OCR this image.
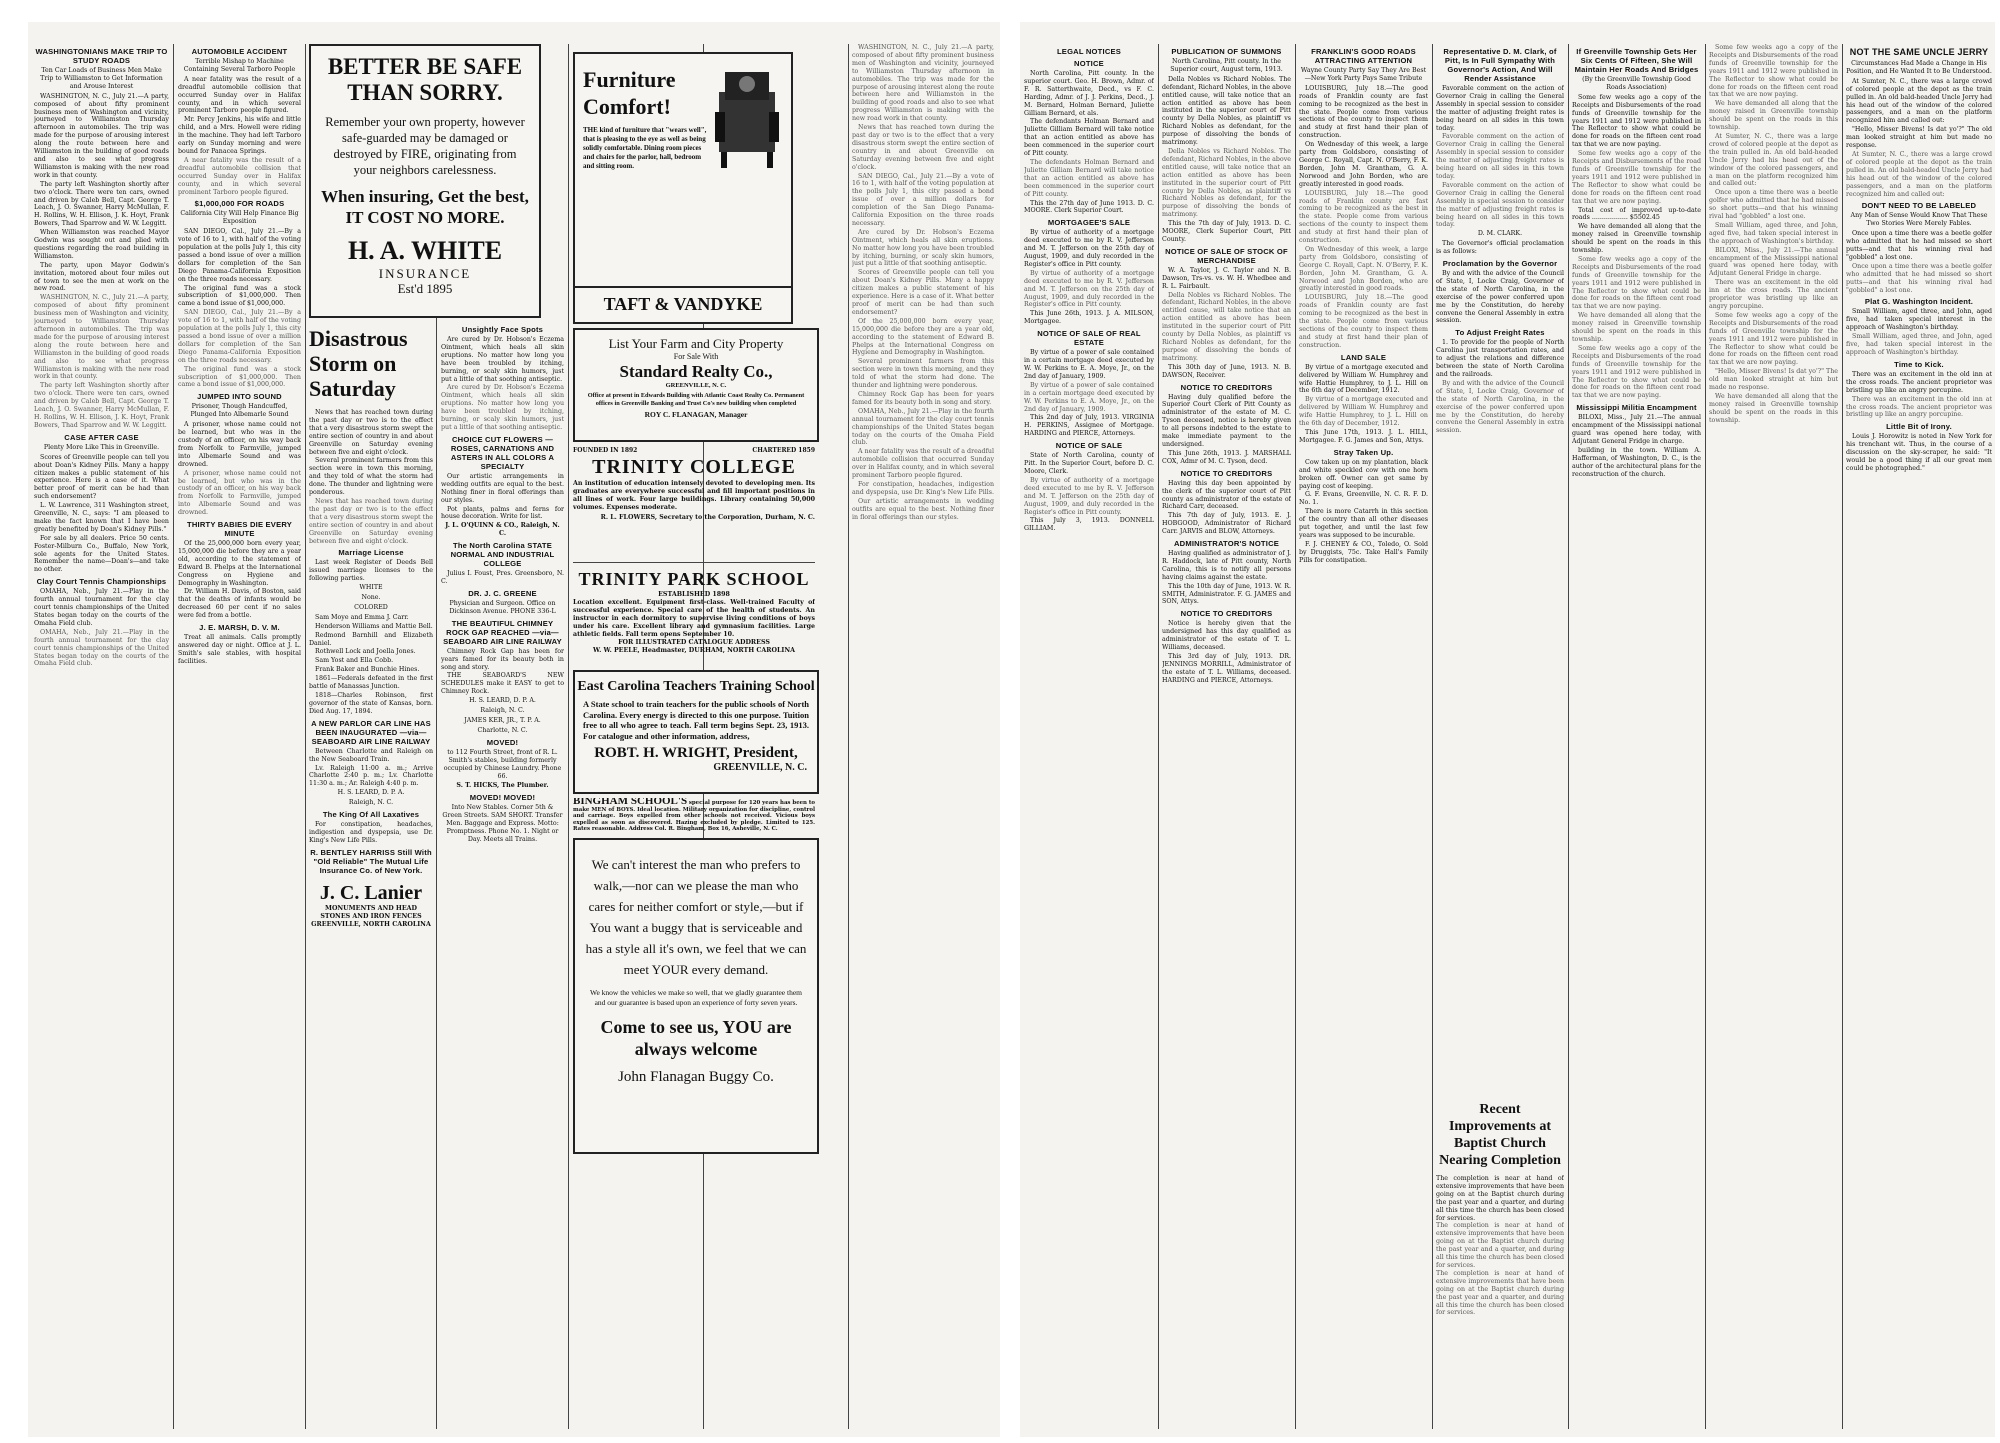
WASHINGTONIANS MAKE TRIP TO STUDY ROADS

Ten Car Loads of Business Men Make Trip to Williamston to Get Information and Arouse Interest

WASHINGTON, N. C., July 21.—A party, composed of about fifty prominent business men of Washington and vicinity, journeyed to Williamston Thursday afternoon in automobiles. The trip was made for the purpose of arousing interest along the route between here and Williamston in the building of good roads and also to see what progress Williamston is making with the new road work in that county.

The party left Washington shortly after two o'clock. There were ten cars, owned and driven by Caleb Bell, Capt. George T. Leach, J. O. Swanner, Harry McMullan, F. H. Rollins, W. H. Ellison, J. K. Hoyt, Frank Bowers, Thad Sparrow and W. W. Leggitt.

When Williamston was reached Mayor Godwin was sought out and plied with questions regarding the road building in Williamston.

The party, upon Mayor Godwin's invitation, motored about four miles out of town to see the men at work on the new road.

WASHINGTON, N. C., July 21.—A party, composed of about fifty prominent business men of Washington and vicinity, journeyed to Williamston Thursday afternoon in automobiles. The trip was made for the purpose of arousing interest along the route between here and Williamston in the building of good roads and also to see what progress Williamston is making with the new road work in that county.

The party left Washington shortly after two o'clock. There were ten cars, owned and driven by Caleb Bell, Capt. George T. Leach, J. O. Swanner, Harry McMullan, F. H. Rollins, W. H. Ellison, J. K. Hoyt, Frank Bowers, Thad Sparrow and W. W. Leggitt.

CASE AFTER CASE

Plenty More Like This in Greenville.

Scores of Greenville people can tell you about Doan's Kidney Pills. Many a happy citizen makes a public statement of his experience. Here is a case of it. What better proof of merit can be had than such endorsement?

L. W. Lawrence, 311 Washington street, Greenville, N. C., says: "I am pleased to make the fact known that I have been greatly benefited by Doan's Kidney Pills."

For sale by all dealers. Price 50 cents. Foster-Milburn Co., Buffalo, New York, sole agents for the United States. Remember the name—Doan's—and take no other.

Clay Court Tennis Championships

OMAHA, Neb., July 21.—Play in the fourth annual tournament for the clay court tennis championships of the United States began today on the courts of the Omaha Field club.

OMAHA, Neb., July 21.—Play in the fourth annual tournament for the clay court tennis championships of the United States began today on the courts of the Omaha Field club.

AUTOMOBILE ACCIDENT

Terrible Mishap to Machine Containing Several Tarboro People

A near fatality was the result of a dreadful automobile collision that occurred Sunday over in Halifax county, and in which several prominent Tarboro people figured.

Mr. Percy Jenkins, his wife and little child, and a Mrs. Howell were riding in the machine. They had left Tarboro early on Sunday morning and were bound for Panacea Springs.

A near fatality was the result of a dreadful automobile collision that occurred Sunday over in Halifax county, and in which several prominent Tarboro people figured.

$1,000,000 FOR ROADS

California City Will Help Finance Big Exposition

SAN DIEGO, Cal., July 21.—By a vote of 16 to 1, with half of the voting population at the polls July 1, this city passed a bond issue of over a million dollars for completion of the San Diego Panama-California Exposition on the three roads necessary.

The original fund was a stock subscription of $1,000,000. Then came a bond issue of $1,000,000.

SAN DIEGO, Cal., July 21.—By a vote of 16 to 1, with half of the voting population at the polls July 1, this city passed a bond issue of over a million dollars for completion of the San Diego Panama-California Exposition on the three roads necessary.

The original fund was a stock subscription of $1,000,000. Then came a bond issue of $1,000,000.

JUMPED INTO SOUND

Prisoner, Though Handcuffed, Plunged Into Albemarle Sound

A prisoner, whose name could not be learned, but who was in the custody of an officer, on his way back from Norfolk to Farmville, jumped into Albemarle Sound and was drowned.

A prisoner, whose name could not be learned, but who was in the custody of an officer, on his way back from Norfolk to Farmville, jumped into Albemarle Sound and was drowned.

THIRTY BABIES DIE EVERY MINUTE

Of the 25,000,000 born every year, 15,000,000 die before they are a year old, according to the statement of Edward B. Phelps at the International Congress on Hygiene and Demography in Washington.

Dr. William H. Davis, of Boston, said that the deaths of infants would be decreased 60 per cent if no sales were fed from a bottle.

J. E. MARSH, D. V. M.

Treat all animals. Calls promptly answered day or night. Office at J. L. Smith's sale stables, with hospital facilities.

BETTER BE SAFE THAN SORRY.
Remember your own property, however safe-guarded may be damaged or destroyed by FIRE, originating from your neighbors carelessness.
When insuring, Get the best, IT COST NO MORE.
H. A. WHITE
INSURANCE
Est'd 1895
Disastrous Storm on Saturday

News that has reached town during the past day or two is to the effect that a very disastrous storm swept the entire section of country in and about Greenville on Saturday evening between five and eight o'clock.

Several prominent farmers from this section were in town this morning, and they told of what the storm had done. The thunder and lightning were ponderous.

News that has reached town during the past day or two is to the effect that a very disastrous storm swept the entire section of country in and about Greenville on Saturday evening between five and eight o'clock.

Marriage License

Last week Register of Deeds Bell issued marriage licenses to the following parties.

WHITE

None.

COLORED

Sam Moye and Emma J. Carr.

Henderson Williams and Mattie Bell.

Redmond Barnhill and Elizabeth Daniel.

Rothwell Lock and Joella Jones.

Sam Yost and Ella Cobb.

Frank Baker and Bunchie Hines.

1861—Federals defeated in the first battle of Manassas Junction.

1818—Charles Robinson, first governor of the state of Kansas, born. Died Aug. 17, 1894.

A NEW PARLOR CAR LINE HAS BEEN INAUGURATED —via— SEABOARD AIR LINE RAILWAY

Between Charlotte and Raleigh on the New Seaboard Train.

Lv. Raleigh 11:00 a. m.; Arrive Charlotte 2:40 p. m.; Lv. Charlotte 11:30 a. m.; Ar. Raleigh 4:40 p. m.

H. S. LEARD, D. P. A.

Raleigh, N. C.

The King Of All Laxatives

For constipation, headaches, indigestion and dyspepsia, use Dr. King's New Life Pills.

R. BENTLEY HARRISS Still With "Old Reliable" The Mutual Life Insurance Co. of New York.

J. C. Lanier

MONUMENTS AND HEAD STONES AND IRON FENCES GREENVILLE, NORTH CAROLINA

Unsightly Face Spots

Are cured by Dr. Hobson's Eczema Ointment, which heals all skin eruptions. No matter how long you have been troubled by itching, burning, or scaly skin humors, just put a little of that soothing antiseptic.

Are cured by Dr. Hobson's Eczema Ointment, which heals all skin eruptions. No matter how long you have been troubled by itching, burning, or scaly skin humors, just put a little of that soothing antiseptic.

CHOICE CUT FLOWERS — ROSES, CARNATIONS AND ASTERS IN ALL COLORS A SPECIALTY

Our artistic arrangements in wedding outfits are equal to the best. Nothing finer in floral offerings than our styles.

Pot plants, palms and ferns for house decoration. Write for list.

J. L. O'QUINN & CO., Raleigh, N. C.

The North Carolina STATE NORMAL AND INDUSTRIAL COLLEGE

Julius I. Foust, Pres. Greensboro, N. C.

DR. J. C. GREENE

Physician and Surgeon. Office on Dickinson Avenue. PHONE 336-L

THE BEAUTIFUL CHIMNEY ROCK GAP REACHED —via— SEABOARD AIR LINE RAILWAY

Chimney Rock Gap has been for years famed for its beauty both in song and story.

THE SEABOARD'S NEW SCHEDULES make it EASY to get to Chimney Rock.

H. S. LEARD, D. P. A.

Raleigh, N. C.

JAMES KER, JR., T. P. A.

Charlotte, N. C.

MOVED!

to 112 Fourth Street, front of R. L. Smith's stables, building formerly occupied by Chinese Laundry. Phone 66.

S. T. HICKS, The Plumber.

MOVED! MOVED!

Into New Stables. Corner 5th & Green Streets. SAM SHORT. Transfer Men. Baggage and Express. Motto: Promptness. Phone No. 1. Night or Day. Meets all Trains.

Furniture Comfort!
THE kind of furniture that "wears well", that is pleasing to the eye as well as being solidly comfortable. Dining room pieces and chairs for the parlor, hall, bedroom and sitting room.
TAFT & VANDYKE
List Your Farm and City Property
For Sale With
Standard Realty Co.,
GREENVILLE, N. C.
Office at present in Edwards Building with Atlantic Coast Realty Co. Permanent offices in Greenville Banking and Trust Co's new building when completed
ROY C. FLANAGAN, Manager
FOUNDED IN 1892	CHARTERED 1859
TRINITY COLLEGE
An institution of education intensely devoted to developing men. Its graduates are everywhere successful and fill important positions in all lines of work. Four large buildings. Library containing 50,000 volumes. Expenses moderate.
R. L. FLOWERS, Secretary to the Corporation, Durham, N. C.
TRINITY PARK SCHOOL
ESTABLISHED 1898
Location excellent. Equipment first-class. Well-trained Faculty of successful experience. Special care of the health of students. An instructor in each dormitory to supervise living conditions of boys under his care. Excellent library and gymnasium facilities. Large athletic fields. Fall term opens September 10.
FOR ILLUSTRATED CATALOGUE ADDRESS
W. W. PEELE, Headmaster, DURHAM, NORTH CAROLINA
East Carolina Teachers Training School
A State school to train teachers for the public schools of North Carolina. Every energy is directed to this one purpose. Tuition free to all who agree to teach. Fall term begins Sept. 23, 1913. For catalogue and other information, address,
ROBT. H. WRIGHT, President,
GREENVILLE, N. C.
BINGHAM SCHOOL'S special purpose for 120 years has been to make MEN of BOYS. Ideal location. Military organization for discipline, control and carriage. Boys expelled from other schools not received. Vicious boys expelled as soon as discovered. Hazing excluded by pledge. Limited to 125. Rates reasonable. Address Col. R. Bingham, Box 16, Asheville, N. C.
We can't interest the man who prefers to walk,—nor can we please the man who cares for neither comfort or style,—but if You want a buggy that is serviceable and has a style all it's own, we feel that we can meet YOUR every demand.
We know the vehicles we make so well, that we gladly guarantee them and our guarantee is based upon an experience of forty seven years.
Come to see us, YOU are always welcome
John Flanagan Buggy Co.

WASHINGTON, N. C., July 21.—A party, composed of about fifty prominent business men of Washington and vicinity, journeyed to Williamston Thursday afternoon in automobiles. The trip was made for the purpose of arousing interest along the route between here and Williamston in the building of good roads and also to see what progress Williamston is making with the new road work in that county.

News that has reached town during the past day or two is to the effect that a very disastrous storm swept the entire section of country in and about Greenville on Saturday evening between five and eight o'clock.

SAN DIEGO, Cal., July 21.—By a vote of 16 to 1, with half of the voting population at the polls July 1, this city passed a bond issue of over a million dollars for completion of the San Diego Panama-California Exposition on the three roads necessary.

Are cured by Dr. Hobson's Eczema Ointment, which heals all skin eruptions. No matter how long you have been troubled by itching, burning, or scaly skin humors, just put a little of that soothing antiseptic.

Scores of Greenville people can tell you about Doan's Kidney Pills. Many a happy citizen makes a public statement of his experience. Here is a case of it. What better proof of merit can be had than such endorsement?

Of the 25,000,000 born every year, 15,000,000 die before they are a year old, according to the statement of Edward B. Phelps at the International Congress on Hygiene and Demography in Washington.

Several prominent farmers from this section were in town this morning, and they told of what the storm had done. The thunder and lightning were ponderous.

Chimney Rock Gap has been for years famed for its beauty both in song and story.

OMAHA, Neb., July 21.—Play in the fourth annual tournament for the clay court tennis championships of the United States began today on the courts of the Omaha Field club.

A near fatality was the result of a dreadful automobile collision that occurred Sunday over in Halifax county, and in which several prominent Tarboro people figured.

For constipation, headaches, indigestion and dyspepsia, use Dr. King's New Life Pills.

Our artistic arrangements in wedding outfits are equal to the best. Nothing finer in floral offerings than our styles.

LEGAL NOTICES

NOTICE

North Carolina, Pitt county. In the superior court. Geo. H. Brown, Admr. of F. R. Satterthwaite, Decd., vs F. C. Harding, Admr. of J. J. Perkins, Decd., J. M. Bernard, Holman Bernard, Juliette Gilliam Bernard, et als.

The defendants Holman Bernard and Juliette Gilliam Bernard will take notice that an action entitled as above has been commenced in the superior court of Pitt county.

The defendants Holman Bernard and Juliette Gilliam Bernard will take notice that an action entitled as above has been commenced in the superior court of Pitt county.

This the 27th day of June 1913. D. C. MOORE. Clerk Superior Court.

MORTGAGEE'S SALE

By virtue of authority of a mortgage deed executed to me by R. V. Jefferson and M. T. Jefferson on the 25th day of August, 1909, and duly recorded in the Register's office in Pitt county.

By virtue of authority of a mortgage deed executed to me by R. V. Jefferson and M. T. Jefferson on the 25th day of August, 1909, and duly recorded in the Register's office in Pitt county.

This June 26th, 1913. J. A. MILSON, Mortgagee.

NOTICE OF SALE OF REAL ESTATE

By virtue of a power of sale contained in a certain mortgage deed executed by W. W. Perkins to E. A. Moye, Jr., on the 2nd day of January, 1909.

By virtue of a power of sale contained in a certain mortgage deed executed by W. W. Perkins to E. A. Moye, Jr., on the 2nd day of January, 1909.

This 2nd day of July, 1913. VIRGINIA H. PERKINS, Assignee of Mortgage. HARDING and PIERCE, Attorneys.

NOTICE OF SALE

State of North Carolina, county of Pitt. In the Superior Court, before D. C. Moore, Clerk.

By virtue of authority of a mortgage deed executed to me by R. V. Jefferson and M. T. Jefferson on the 25th day of August, 1909, and duly recorded in the Register's office in Pitt county.

This July 3, 1913. DONNELL GILLIAM.

PUBLICATION OF SUMMONS

North Carolina, Pitt county. In the Superior court, August term, 1913.

Della Nobles vs Richard Nobles. The defendant, Richard Nobles, in the above entitled cause, will take notice that an action entitled as above has been instituted in the superior court of Pitt county by Della Nobles, as plaintiff vs Richard Nobles as defendant, for the purpose of dissolving the bonds of matrimony.

Della Nobles vs Richard Nobles. The defendant, Richard Nobles, in the above entitled cause, will take notice that an action entitled as above has been instituted in the superior court of Pitt county by Della Nobles, as plaintiff vs Richard Nobles as defendant, for the purpose of dissolving the bonds of matrimony.

This the 7th day of July, 1913. D. C. MOORE, Clerk Superior Court, Pitt County.

NOTICE OF SALE OF STOCK OF MERCHANDISE

W. A. Taylor, J. C. Taylor and N. B. Dawson, Trs-vs. vs. W. H. Whedbee and R. L. Fairbault.

Della Nobles vs Richard Nobles. The defendant, Richard Nobles, in the above entitled cause, will take notice that an action entitled as above has been instituted in the superior court of Pitt county by Della Nobles, as plaintiff vs Richard Nobles as defendant, for the purpose of dissolving the bonds of matrimony.

This 30th day of June, 1913. N. B. DAWSON, Receiver.

NOTICE TO CREDITORS

Having duly qualified before the Superior Court Clerk of Pitt County as administrator of the estate of M. C. Tyson deceased, notice is hereby given to all persons indebted to the estate to make immediate payment to the undersigned.

This June 26th, 1913. J. MARSHALL COX, Admr of M. C. Tyson, decd.

NOTICE TO CREDITORS

Having this day been appointed by the clerk of the superior court of Pitt county as administrator of the estate of Richard Carr, deceased.

This 7th day of July, 1913. E. J. HOBGOOD, Administrator of Richard Carr. JARVIS and BLOW, Attorneys.

ADMINISTRATOR'S NOTICE

Having qualified as administrator of J. R. Haddock, late of Pitt county, North Carolina, this is to notify all persons having claims against the estate.

This the 10th day of June, 1913. W. R. SMITH, Administrator. F. G. JAMES and SON, Attys.

NOTICE TO CREDITORS

Notice is hereby given that the undersigned has this day qualified as administrator of the estate of T. L. Williams, deceased.

This 3rd day of July, 1913. DR. JENNINGS MORRILL, Administrator of the estate of T. L. Williams, deceased. HARDING and PIERCE, Attorneys.

FRANKLIN'S GOOD ROADS ATTRACTING ATTENTION

Wayne County Party Say They Are Best—New York Party Pays Same Tribute

LOUISBURG, July 18.—The good roads of Franklin county are fast coming to be recognized as the best in the state. People come from various sections of the county to inspect them and study at first hand their plan of construction.

On Wednesday of this week, a large party from Goldsboro, consisting of George C. Royall, Capt. N. O'Berry, F. K. Borden, John M. Grantham, G. A. Norwood and John Borden, who are greatly interested in good roads.

LOUISBURG, July 18.—The good roads of Franklin county are fast coming to be recognized as the best in the state. People come from various sections of the county to inspect them and study at first hand their plan of construction.

On Wednesday of this week, a large party from Goldsboro, consisting of George C. Royall, Capt. N. O'Berry, F. K. Borden, John M. Grantham, G. A. Norwood and John Borden, who are greatly interested in good roads.

LOUISBURG, July 18.—The good roads of Franklin county are fast coming to be recognized as the best in the state. People come from various sections of the county to inspect them and study at first hand their plan of construction.

LAND SALE

By virtue of a mortgage executed and delivered by William W. Humphrey and wife Hattie Humphrey, to J. L. Hill on the 6th day of December, 1912.

By virtue of a mortgage executed and delivered by William W. Humphrey and wife Hattie Humphrey, to J. L. Hill on the 6th day of December, 1912.

This June 17th, 1913. J. L. HILL, Mortgagee. F. G. James and Son, Attys.

Stray Taken Up.

Cow taken up on my plantation, black and white speckled cow with one horn broken off. Owner can get same by paying cost of keeping.

G. F. Evans, Greenville, N. C. R. F. D. No. 1.

There is more Catarrh in this section of the country than all other diseases put together, and until the last few years was supposed to be incurable.

F. J. CHENEY & CO., Toledo, O. Sold by Druggists, 75c. Take Hall's Family Pills for constipation.

Representative D. M. Clark, of Pitt, Is In Full Sympathy With Governor's Action, And Will Render Assistance

Favorable comment on the action of Governor Craig in calling the General Assembly in special session to consider the matter of adjusting freight rates is being heard on all sides in this town today.

Favorable comment on the action of Governor Craig in calling the General Assembly in special session to consider the matter of adjusting freight rates is being heard on all sides in this town today.

Favorable comment on the action of Governor Craig in calling the General Assembly in special session to consider the matter of adjusting freight rates is being heard on all sides in this town today.

D. M. CLARK.

The Governor's official proclamation is as follows:

Proclamation by the Governor

By and with the advice of the Council of State, I, Locke Craig, Governor of the state of North Carolina, in the exercise of the power conferred upon me by the Constitution, do hereby convene the General Assembly in extra session.

To Adjust Freight Rates

1. To provide for the people of North Carolina just transportation rates, and to adjust the relations and difference between the state of North Carolina and the railroads.

By and with the advice of the Council of State, I, Locke Craig, Governor of the state of North Carolina, in the exercise of the power conferred upon me by the Constitution, do hereby convene the General Assembly in extra session.

Recent Improvements at Baptist Church Nearing Completion
The completion is near at hand of extensive improvements that have been going on at the Baptist church during the past year and a quarter, and during all this time the church has been closed for services.
The completion is near at hand of extensive improvements that have been going on at the Baptist church during the past year and a quarter, and during all this time the church has been closed for services.
The completion is near at hand of extensive improvements that have been going on at the Baptist church during the past year and a quarter, and during all this time the church has been closed for services.

If Greenville Township Gets Her Six Cents Of Fifteen, She Will Maintain Her Roads And Bridges

(By the Greenville Township Good Roads Association)

Some few weeks ago a copy of the Receipts and Disbursements of the road funds of Greenville township for the years 1911 and 1912 were published in The Reflector to show what could be done for roads on the fifteen cent road tax that we are now paying.

Some few weeks ago a copy of the Receipts and Disbursements of the road funds of Greenville township for the years 1911 and 1912 were published in The Reflector to show what could be done for roads on the fifteen cent road tax that we are now paying.

Total cost of improved up-to-date roads .................. $5502.45

We have demanded all along that the money raised in Greenville township should be spent on the roads in this township.

Some few weeks ago a copy of the Receipts and Disbursements of the road funds of Greenville township for the years 1911 and 1912 were published in The Reflector to show what could be done for roads on the fifteen cent road tax that we are now paying.

We have demanded all along that the money raised in Greenville township should be spent on the roads in this township.

Some few weeks ago a copy of the Receipts and Disbursements of the road funds of Greenville township for the years 1911 and 1912 were published in The Reflector to show what could be done for roads on the fifteen cent road tax that we are now paying.

Mississippi Militia Encampment

BILOXI, Miss., July 21.—The annual encampment of the Mississippi national guard was opened here today, with Adjutant General Fridge in charge.

building in the town. William A. Hafferman, of Washington, D. C., is the author of the architectural plans for the reconstruction of the church.

NOT THE SAME UNCLE JERRY

Circumstances Had Made a Change in His Position, and He Wanted It to Be Understood.

At Sumter, N. C., there was a large crowd of colored people at the depot as the train pulled in. An old bald-headed Uncle Jerry had his head out of the window of the colored passengers, and a man on the platform recognized him and called out:

"Hello, Misser Bivens! Is dat yo'?" The old man looked straight at him but made no response.

At Sumter, N. C., there was a large crowd of colored people at the depot as the train pulled in. An old bald-headed Uncle Jerry had his head out of the window of the colored passengers, and a man on the platform recognized him and called out:

DON'T NEED TO BE LABELED

Any Man of Sense Would Know That These Two Stories Were Merely Fables.

Once upon a time there was a beetle golfer who admitted that he had missed so short putts—and that his winning rival had "gobbled" a lost one.

Once upon a time there was a beetle golfer who admitted that he had missed so short putts—and that his winning rival had "gobbled" a lost one.

Plat G. Washington Incident.

Small William, aged three, and John, aged five, had taken special interest in the approach of Washington's birthday.

Small William, aged three, and John, aged five, had taken special interest in the approach of Washington's birthday.

Time to Kick.

There was an excitement in the old inn at the cross roads. The ancient proprietor was bristling up like an angry porcupine.

There was an excitement in the old inn at the cross roads. The ancient proprietor was bristling up like an angry porcupine.

Little Bit of Irony.

Louis J. Horowitz is noted in New York for his trenchant wit. Thus, in the course of a discussion on the sky-scraper, he said: "It would be a good thing if all our great men could be photographed."

Some few weeks ago a copy of the Receipts and Disbursements of the road funds of Greenville township for the years 1911 and 1912 were published in The Reflector to show what could be done for roads on the fifteen cent road tax that we are now paying.

We have demanded all along that the money raised in Greenville township should be spent on the roads in this township.

At Sumter, N. C., there was a large crowd of colored people at the depot as the train pulled in. An old bald-headed Uncle Jerry had his head out of the window of the colored passengers, and a man on the platform recognized him and called out:

Once upon a time there was a beetle golfer who admitted that he had missed so short putts—and that his winning rival had "gobbled" a lost one.

Small William, aged three, and John, aged five, had taken special interest in the approach of Washington's birthday.

BILOXI, Miss., July 21.—The annual encampment of the Mississippi national guard was opened here today, with Adjutant General Fridge in charge.

There was an excitement in the old inn at the cross roads. The ancient proprietor was bristling up like an angry porcupine.

Some few weeks ago a copy of the Receipts and Disbursements of the road funds of Greenville township for the years 1911 and 1912 were published in The Reflector to show what could be done for roads on the fifteen cent road tax that we are now paying.

"Hello, Misser Bivens! Is dat yo'?" The old man looked straight at him but made no response.

We have demanded all along that the money raised in Greenville township should be spent on the roads in this township.
